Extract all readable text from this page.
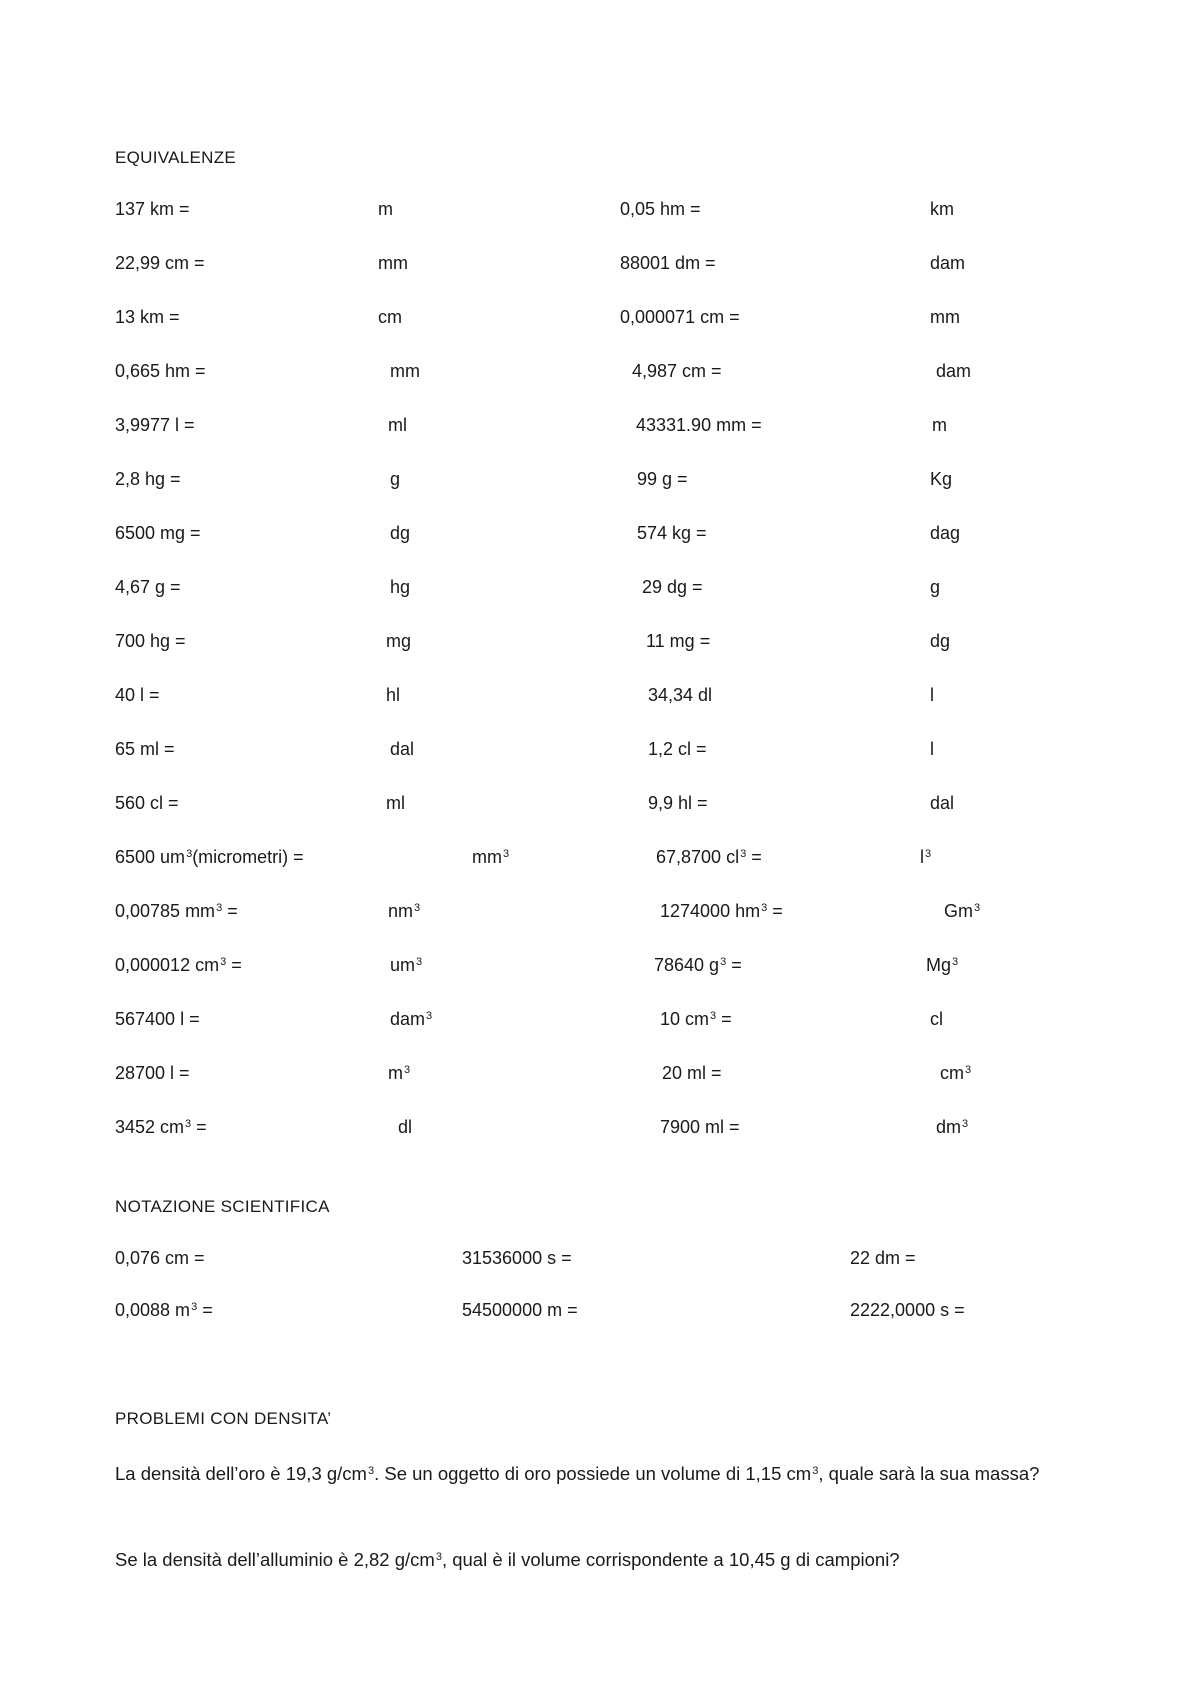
EQUIVALENZE
137 km =	m	0,05 hm =	km
22,99 cm =	mm	88001 dm =	dam
13 km =	cm	0,000071 cm =	mm
0,665 hm =	mm	4,987 cm =	dam
3,9977 l =	ml	43331.90 mm =	m
2,8 hg =	g	99 g =	Kg
6500 mg =	dg	574 kg =	dag
4,67 g =	hg	29 dg =	g
700 hg =	mg	11 mg =	dg
40 l =	hl	34,34 dl	l
65 ml =	dal	1,2 cl =	l
560 cl =	ml	9,9 hl =	dal
6500 $um^3(micrometri)$ =	$mm^3$	67,8700 $cl^3$ =	$l^3$
0,00785 $mm^3$ =	$nm^3$	1274000 $hm^3$ =	$Gm^3$
0,000012 $cm^3$ =	$um^3$	78640 $g^3$ =	$Mg^3$
567400 l =	dam$^3$	10 $cm^3$ =	cl
28700 l =	$m^3$	20 ml =	$cm^3$
3452 $cm^3$ =	dl	7900 ml =	$dm^3$
NOTAZIONE SCIENTIFICA
0,076 cm =	31536000 s =	22 dm =
0,0088 $m^3$ =	54500000 m =	2222,0000 s =
PROBLEMI CON DENSITA’
La densità dell’oro è 19,3 $g/cm^3$. Se un oggetto di oro possiede un volume di 1,15 $cm^3$, quale sarà la sua massa?
Se la densità dell’alluminio è 2,82 $g/cm^3$, qual è il volume corrispondente a 10,45 g di campioni?
